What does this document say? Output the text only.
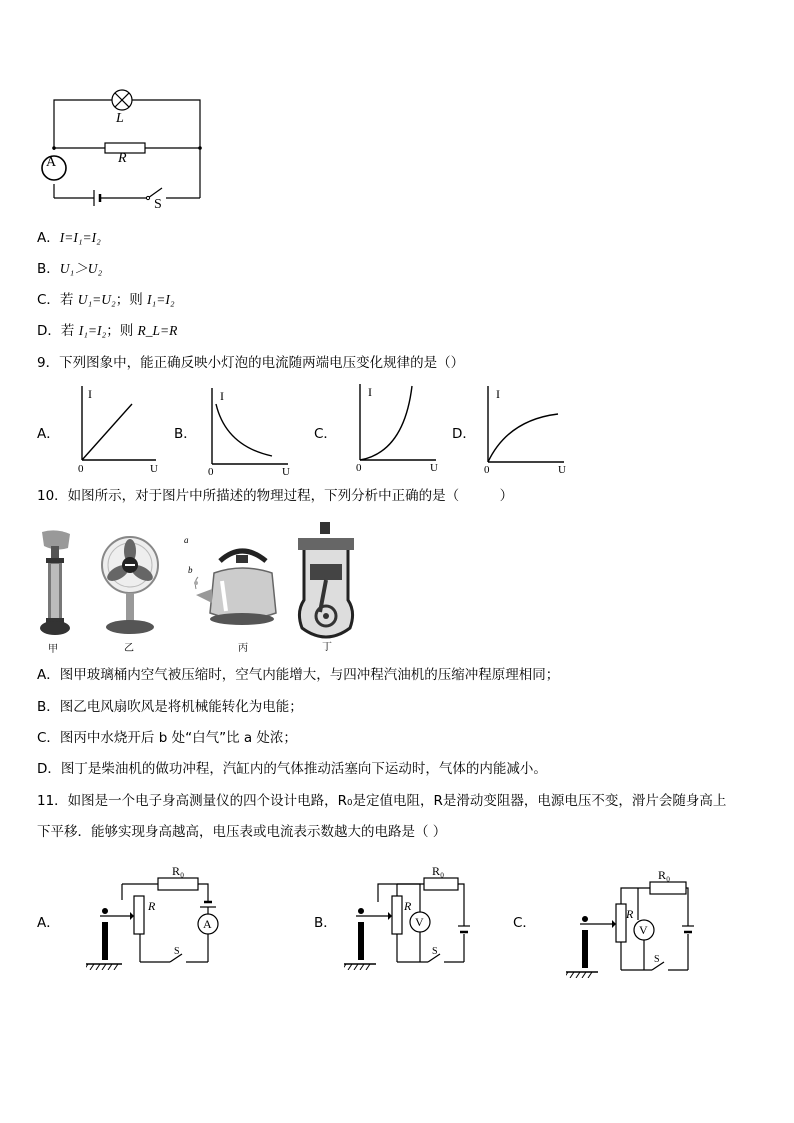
L
R
A
S
A．I=I₁=I₂
B．U₁＞U₂
C．若 U₁=U₂；则 I₁=I₂
D．若 I₁=I₂；则 R_L=R
9．下列图象中，能正确反映小灯泡的电流随两端电压变化规律的是（）
A．	B．	C．	D．
I
0	U
I
0	U
I
0	U
I
0	U
10．如图所示，对于图片中所描述的物理过程，下列分析中正确的是（　　　）
甲	乙
a
b
丙	丁
A．图甲玻璃桶内空气被压缩时，空气内能增大，与四冲程汽油机的压缩冲程原理相同；
B．图乙电风扇吹风是将机械能转化为电能；
C．图丙中水烧开后 b 处“白气”比 a 处浓；
D．图丁是柴油机的做功冲程，汽缸内的气体推动活塞向下运动时，气体的内能减小。
11．如图是一个电子身高测量仪的四个设计电路，R₀是定值电阻，R是滑动变阻器，电源电压不变，滑片会随身高上
下平移．能够实现身高越高，电压表或电流表示数越大的电路是（ ）
A．	B．	C．
R₀
R
S
A
R₀
R
S
V
R₀
R
S
V
